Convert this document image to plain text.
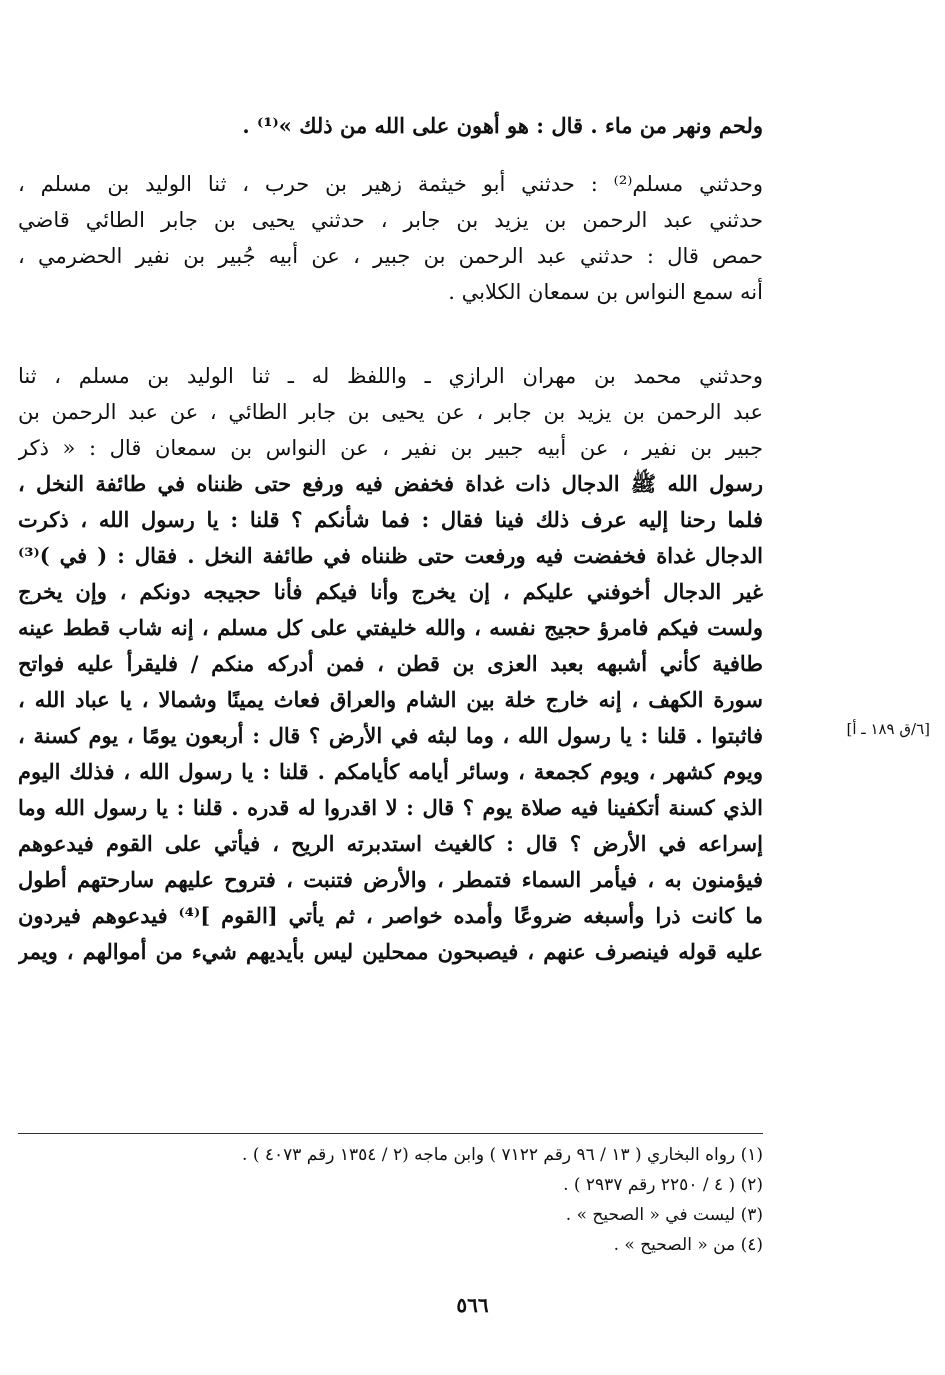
ولحم ونهر من ماء . قال : هو أهون على الله من ذلك »⁽¹⁾ .
وحدثني مسلم⁽²⁾ : حدثني أبو خيثمة زهير بن حرب ، ثنا الوليد بن مسلم ،
حدثني عبد الرحمن بن يزيد بن جابر ، حدثني يحيى بن جابر الطائي قاضي
حمص قال : حدثني عبد الرحمن بن جبير ، عن أبيه جُبير بن نفير الحضرمي ،
أنه سمع النواس بن سمعان الكلابي .
وحدثني محمد بن مهران الرازي ـ واللفظ له ـ ثنا الوليد بن مسلم ، ثنا
عبد الرحمن بن يزيد بن جابر ، عن يحيى بن جابر الطائي ، عن عبد الرحمن بن
جبير بن نفير ، عن أبيه جبير بن نفير ، عن النواس بن سمعان قال : « ذكر
رسول الله ﷺ الدجال ذات غداة فخفض فيه ورفع حتى ظنناه في طائفة النخل ،
فلما رحنا إليه عرف ذلك فينا فقال : فما شأنكم ؟ قلنا : يا رسول الله ، ذكرت
الدجال غداة فخفضت فيه ورفعت حتى ظنناه في طائفة النخل . فقال : ( في )⁽³⁾
غير الدجال أخوفني عليكم ، إن يخرج وأنا فيكم فأنا حجيجه دونكم ، وإن يخرج
ولست فيكم فامرؤ حجيج نفسه ، والله خليفتي على كل مسلم ، إنه شاب قطط عينه
طافية كأني أشبهه بعبد العزى بن قطن ، فمن أدركه منكم / فليقرأ عليه فواتح
سورة الكهف ، إنه خارج خلة بين الشام والعراق فعاث يمينًا وشمالا ، يا عباد الله ،
فاثبتوا . قلنا : يا رسول الله ، وما لبثه في الأرض ؟ قال : أربعون يومًا ، يوم كسنة ،
ويوم كشهر ، ويوم كجمعة ، وسائر أيامه كأيامكم . قلنا : يا رسول الله ، فذلك اليوم
الذي كسنة أتكفينا فيه صلاة يوم ؟ قال : لا اقدروا له قدره . قلنا : يا رسول الله وما
إسراعه في الأرض ؟ قال : كالغيث استدبرته الريح ، فيأتي على القوم فيدعوهم
فيؤمنون به ، فيأمر السماء فتمطر ، والأرض فتنبت ، فتروح عليهم سارحتهم أطول
ما كانت ذرا وأسبغه ضروعًا وأمده خواصر ، ثم يأتي [القوم ]⁽⁴⁾ فيدعوهم فيردون
عليه قوله فينصرف عنهم ، فيصبحون ممحلين ليس بأيديهم شيء من أموالهم ، ويمر
[٦/ق ١٨٩ ـ أ]
(١) رواه البخاري ( ١٣ / ٩٦ رقم ٧١٢٢ ) وابن ماجه (٢ / ١٣٥٤ رقم ٤٠٧٣ ) .
(٢) ( ٤ / ٢٢٥٠ رقم ٢٩٣٧ ) .
(٣) ليست في « الصحيح » .
(٤) من « الصحيح » .
٥٦٦
